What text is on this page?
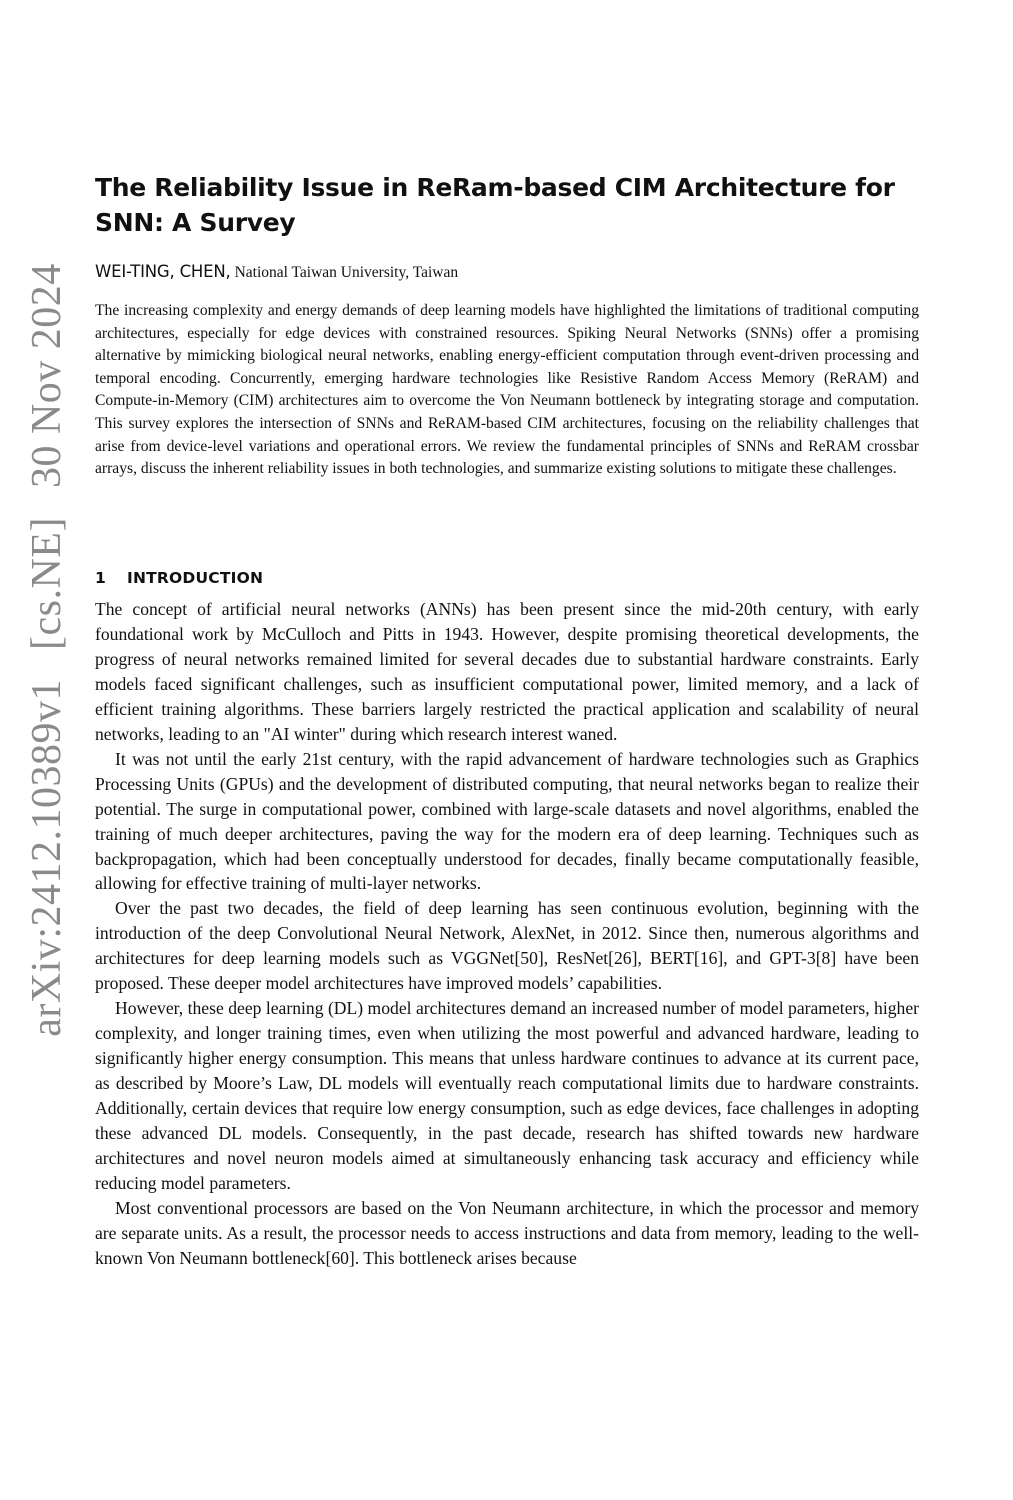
arXiv:2412.10389v1 [cs.NE] 30 Nov 2024
The Reliability Issue in ReRam-based CIM Architecture for SNN: A Survey
WEI-TING, CHEN, National Taiwan University, Taiwan

The increasing complexity and energy demands of deep learning models have highlighted the limitations of traditional computing architectures, especially for edge devices with constrained resources. Spiking Neural Networks (SNNs) offer a promising alternative by mimicking biological neural networks, enabling energy-efficient computation through event-driven processing and temporal encoding. Concurrently, emerging hardware technologies like Resistive Random Access Memory (ReRAM) and Compute-in-Memory (CIM) architectures aim to overcome the Von Neumann bottleneck by integrating storage and computation. This survey explores the intersection of SNNs and ReRAM-based CIM architectures, focusing on the reliability challenges that arise from device-level variations and operational errors. We review the fundamental principles of SNNs and ReRAM crossbar arrays, discuss the inherent reliability issues in both technologies, and summarize existing solutions to mitigate these challenges.

1 INTRODUCTION

The concept of artificial neural networks (ANNs) has been present since the mid-20th century, with early foundational work by McCulloch and Pitts in 1943. However, despite promising theoretical developments, the progress of neural networks remained limited for several decades due to substantial hardware constraints. Early models faced significant challenges, such as insufficient computational power, limited memory, and a lack of efficient training algorithms. These barriers largely restricted the practical application and scalability of neural networks, leading to an "AI winter" during which research interest waned.

It was not until the early 21st century, with the rapid advancement of hardware technologies such as Graphics Processing Units (GPUs) and the development of distributed computing, that neural networks began to realize their potential. The surge in computational power, combined with large-scale datasets and novel algorithms, enabled the training of much deeper architectures, paving the way for the modern era of deep learning. Techniques such as backpropagation, which had been conceptually understood for decades, finally became computationally feasible, allowing for effective training of multi-layer networks.

Over the past two decades, the field of deep learning has seen continuous evolution, beginning with the introduction of the deep Convolutional Neural Network, AlexNet, in 2012. Since then, numerous algorithms and architectures for deep learning models such as VGGNet[50], ResNet[26], BERT[16], and GPT-3[8] have been proposed. These deeper model architectures have improved models’ capabilities.

However, these deep learning (DL) model architectures demand an increased number of model parameters, higher complexity, and longer training times, even when utilizing the most powerful and advanced hardware, leading to significantly higher energy consumption. This means that unless hardware continues to advance at its current pace, as described by Moore’s Law, DL models will eventually reach computational limits due to hardware constraints. Additionally, certain devices that require low energy consumption, such as edge devices, face challenges in adopting these advanced DL models. Consequently, in the past decade, research has shifted towards new hardware architectures and novel neuron models aimed at simultaneously enhancing task accuracy and efficiency while reducing model parameters.

Most conventional processors are based on the Von Neumann architecture, in which the processor and memory are separate units. As a result, the processor needs to access instructions and data from memory, leading to the well-known Von Neumann bottleneck[60]. This bottleneck arises because
